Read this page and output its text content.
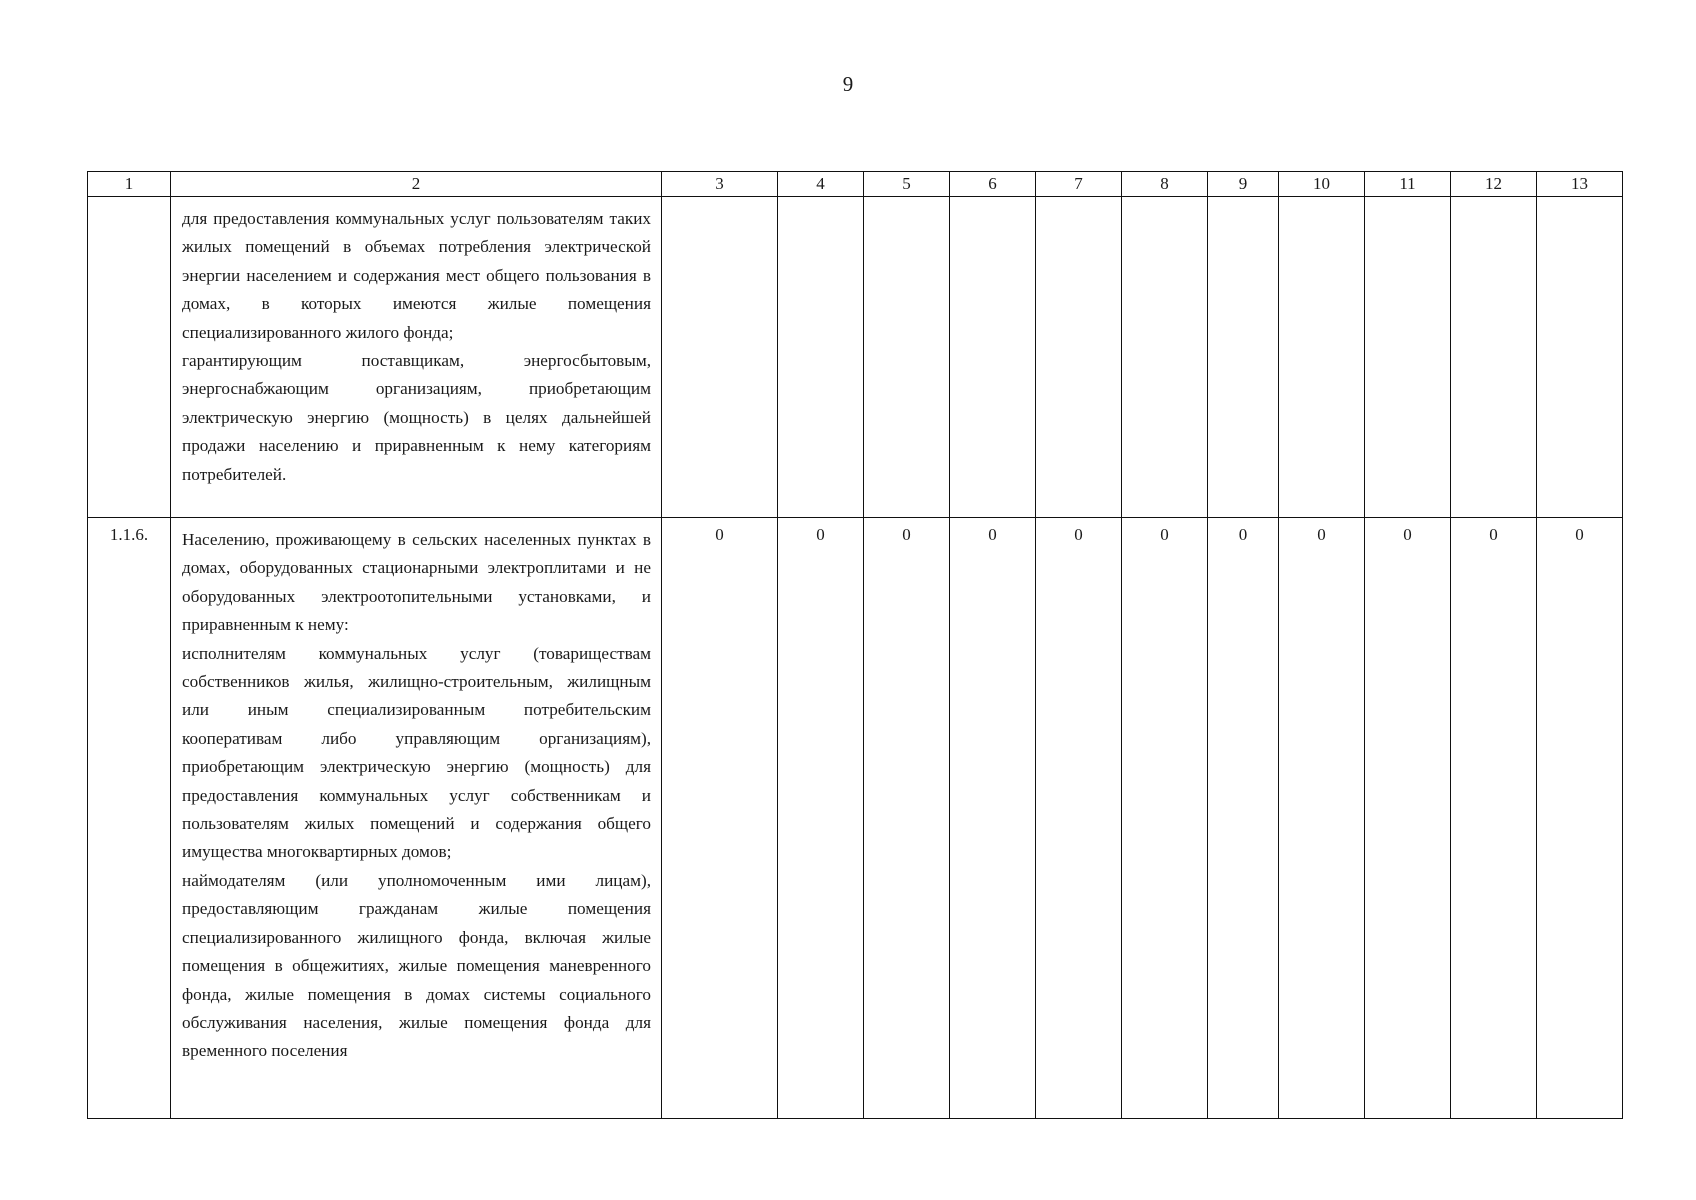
9
1	2	3	4	5	6	7	8	9	10	11	12	13

	для предоставления коммунальных услуг пользователям таких жилых помещений в объемах потребления электрической энергии населением и содержания мест общего пользования в домах, в которых имеются жилые помещения специализированного жилого фонда;

гарантирующим поставщикам, энергосбытовым, энергоснабжающим организациям, приобретающим электрическую энергию (мощность) в целях дальнейшей продажи населению и приравненным к нему категориям потребителей.											

1.1.6.	Населению, проживающему в сельских населенных пунктах в домах, оборудованных стационарными электроплитами и не оборудованных электроотопительными установками, и приравненным к нему:

исполнителям коммунальных услуг (товариществам собственников жилья, жилищно-строительным, жилищным или иным специализированным потребительским кооперативам либо управляющим организациям), приобретающим электрическую энергию (мощность) для предоставления коммунальных услуг собственникам и пользователям жилых помещений и содержания общего имущества многоквартирных домов;

наймодателям (или уполномоченным ими лицам), предоставляющим гражданам жилые помещения специализированного жилищного фонда, включая жилые помещения в общежитиях, жилые помещения маневренного фонда, жилые помещения в домах системы социального обслуживания населения, жилые помещения фонда для временного поселения	0	0	0	0	0	0	0	0	0	0	0
